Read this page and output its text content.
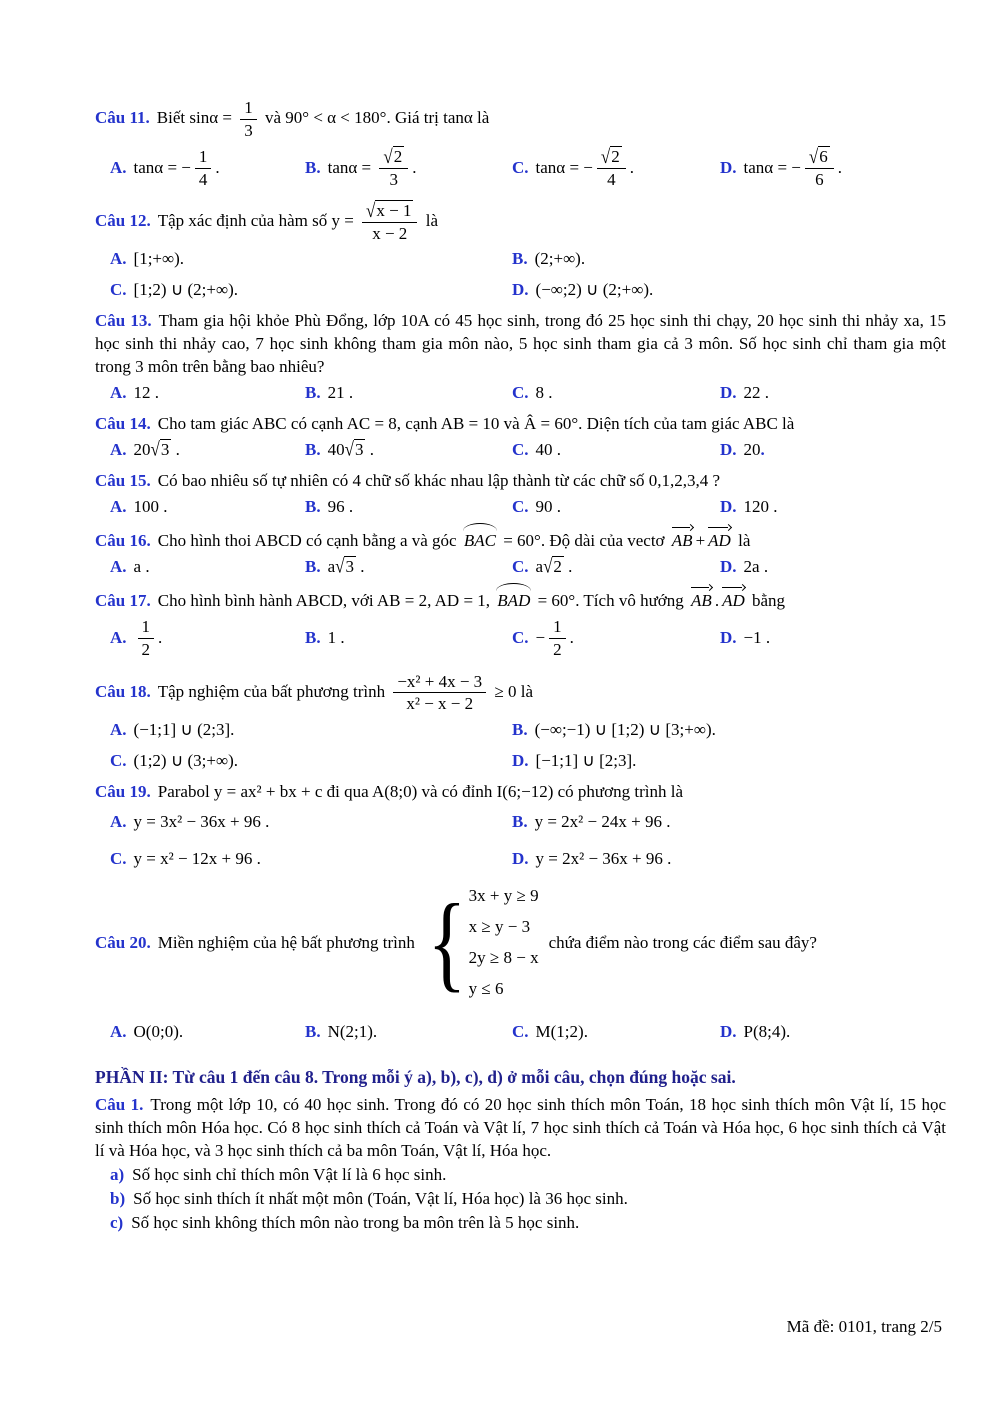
Câu 11. Biết $\sin\alpha = \frac{1}{3}$ và 90° < α < 180°. Giá trị tanα là

A. tanα = − $\frac{1}{4}$ .	B. $\tan\alpha = \frac{√2}{3}$ .	C. tanα = − $\frac{√2}{4}$ .	D. tanα = − $\frac{√6}{6}$ .

Câu 12. Tập xác định của hàm số $y = \frac{√x - 1}{x - 2}$ là

A. [1;+∞).	B. (2;+∞).
C. [1;2) ∪ (2;+∞).	D. (−∞;2) ∪ (2;+∞).

Câu 13. Tham gia hội khỏe Phù Đổng, lớp 10A có 45 học sinh, trong đó 25 học sinh thi chạy, 20 học sinh thi nhảy xa, 15 học sinh thi nhảy cao, 7 học sinh không tham gia môn nào, 5 học sinh tham gia cả 3 môn. Số học sinh chỉ tham gia một trong 3 môn trên bằng bao nhiêu?

A. 12 .	B. 21 .	C. 8 .	D. 22 .

Câu 14. Cho tam giác ABC có cạnh AC = 8, cạnh AB = 10 và Â = 60°. Diện tích của tam giác ABC là

A. 20 √3 .	B. 40 √3 .	C. 40 .	D. 20 .

Câu 15. Có bao nhiêu số tự nhiên có 4 chữ số khác nhau lập thành từ các chữ số 0,1,2,3,4 ?

A. 100 .	B. 96 .	C. 90 .	D. 120 .

Câu 16. Cho hình thoi ABCD có cạnh bằng a và góc BAC = 60°. Độ dài của vectơ AB + AD là

A. a .	B. a √3 .	C. a √2 .	D. 2a .

Câu 17. Cho hình bình hành ABCD, với AB = 2, AD = 1, BAD = 60°. Tích vô hướng AB . AD bằng

A. $\frac{1}{2}$ .	B. 1 .	C. − $\frac{1}{2}$ .	D. −1 .

Câu 18. Tập nghiệm của bất phương trình $\frac{\text{−x² + 4x − 3}}{\text{x² − x − 2}} \ge 0$ là

A. (−1;1] ∪ (2;3].	B. (−∞;−1) ∪ [1;2) ∪ [3;+∞).
C. (1;2) ∪ (3;+∞).	D. [−1;1] ∪ [2;3].

Câu 19. Parabol y = ax² + bx + c đi qua A(8;0) và có đỉnh I(6;−12) có phương trình là

A. y = 3x² − 36x + 96 .	B. y = 2x² − 24x + 96 .
C. y = x² − 12x + 96 .	D. y = 2x² − 36x + 96 .
Câu 20. Miền nghiệm của hệ bất phương trình { 3x + y ≥ 9
x ≥ y − 3
2y ≥ 8 − x
y ≤ 6
chứa điểm nào trong các điểm sau đây?
A. O(0;0).	B. N(2;1).	C. M(1;2).	D. P(8;4).

PHẦN II: Từ câu 1 đến câu 8. Trong mỗi ý a), b), c), d) ở mỗi câu, chọn đúng hoặc sai.

Câu 1. Trong một lớp 10, có 40 học sinh. Trong đó có 20 học sinh thích môn Toán, 18 học sinh thích môn Vật lí, 15 học sinh thích môn Hóa học. Có 8 học sinh thích cả Toán và Vật lí, 7 học sinh thích cả Toán và Hóa học, 6 học sinh thích cả Vật lí và Hóa học, và 3 học sinh thích cả ba môn Toán, Vật lí, Hóa học.

a) Số học sinh chỉ thích môn Vật lí là 6 học sinh.

b) Số học sinh thích ít nhất một môn (Toán, Vật lí, Hóa học) là 36 học sinh.

c) Số học sinh không thích môn nào trong ba môn trên là 5 học sinh.

Mã đề: 0101, trang 2/5
